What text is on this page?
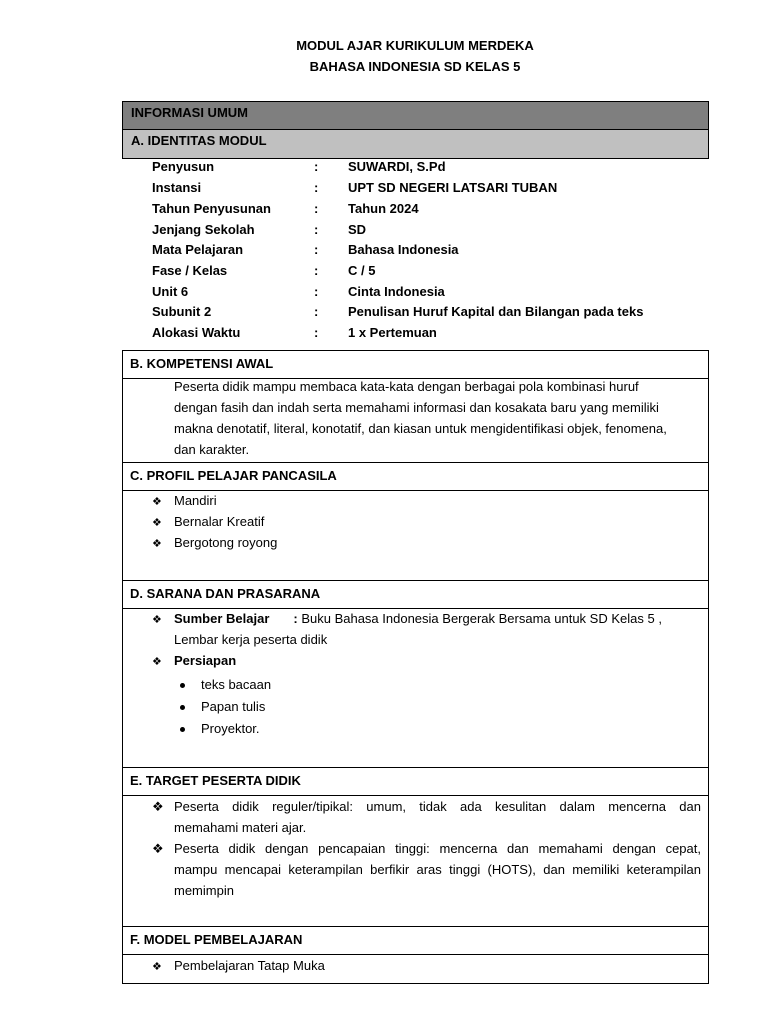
MODUL AJAR KURIKULUM MERDEKA
BAHASA INDONESIA SD KELAS 5
INFORMASI UMUM
A. IDENTITAS MODUL
Penyusun	: SUWARDI, S.Pd
Instansi	: UPT SD NEGERI LATSARI TUBAN
Tahun Penyusunan	: Tahun 2024
Jenjang Sekolah	: SD
Mata Pelajaran	: Bahasa Indonesia
Fase / Kelas	: C / 5
Unit 6	: Cinta Indonesia
Subunit 2	: Penulisan Huruf Kapital dan Bilangan pada teks
Alokasi Waktu	: 1 x Pertemuan
B. KOMPETENSI AWAL
Peserta didik mampu membaca kata-kata dengan berbagai pola kombinasi huruf
dengan fasih dan indah serta memahami informasi dan kosakata baru yang memiliki
makna denotatif, literal, konotatif, dan kiasan untuk mengidentifikasi objek, fenomena,
dan karakter.
C. PROFIL PELAJAR PANCASILA
❖ Mandiri
❖ Bernalar Kreatif
❖ Bergotong royong
D. SARANA DAN PRASARANA
❖ Sumber Belajar : Buku Bahasa Indonesia Bergerak Bersama untuk SD Kelas 5 ,
Lembar kerja peserta didik
❖ Persiapan
teks bacaan
Papan tulis
Proyektor.
E. TARGET PESERTA DIDIK
❖ Peserta didik reguler/tipikal: umum, tidak ada kesulitan dalam mencerna dan
memahami materi ajar.
❖ Peserta didik dengan pencapaian tinggi: mencerna dan memahami dengan cepat,
mampu mencapai keterampilan berfikir aras tinggi (HOTS), dan memiliki keterampilan
memimpin
F. MODEL PEMBELAJARAN
❖ Pembelajaran Tatap Muka
